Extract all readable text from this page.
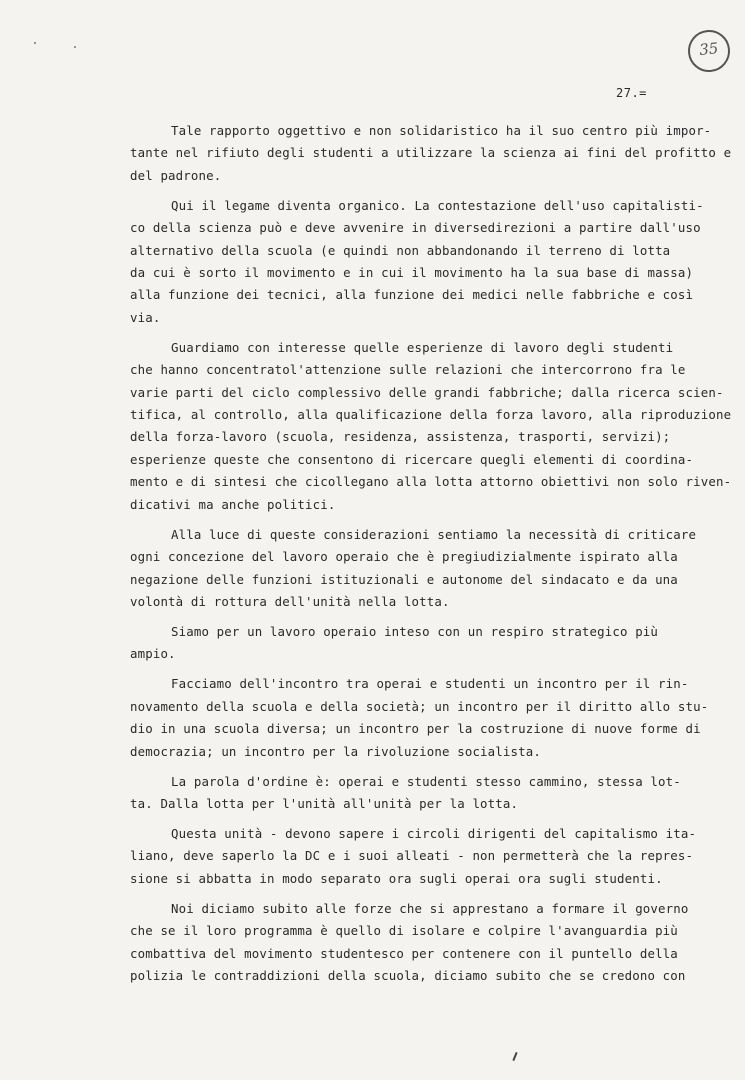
35
27.=

Tale rapporto oggettivo e non solidaristico ha il suo centro più impor-
tante nel rifiuto degli studenti a utilizzare la scienza ai fini del profitto e
del padrone.

Qui il legame diventa organico. La contestazione dell'uso capitalisti-
co della scienza può e deve avvenire in diversedirezioni a partire dall'uso
alternativo della scuola (e quindi non abbandonando il terreno di lotta
da cui è sorto il movimento e in cui il movimento ha la sua base di massa)
alla funzione dei tecnici, alla funzione dei medici nelle fabbriche e così
via.

Guardiamo con interesse quelle esperienze di lavoro degli studenti
che hanno concentratol'attenzione sulle relazioni che intercorrono fra le
varie parti del ciclo complessivo delle grandi fabbriche; dalla ricerca scien-
tifica, al controllo, alla qualificazione della forza lavoro, alla riproduzione
della forza-lavoro (scuola, residenza, assistenza, trasporti, servizi);
esperienze queste che consentono di ricercare quegli elementi di coordina-
mento e di sintesi che cicollegano alla lotta attorno obiettivi non solo riven-
dicativi ma anche politici.

Alla luce di queste considerazioni sentiamo la necessità di criticare
ogni concezione del lavoro operaio che è pregiudizialmente ispirato alla
negazione delle funzioni istituzionali e autonome del sindacato e da una
volontà di rottura dell'unità nella lotta.

Siamo per un lavoro operaio inteso con un respiro strategico più
ampio.

Facciamo dell'incontro tra operai e studenti un incontro per il rin-
novamento della scuola e della società; un incontro per il diritto allo stu-
dio in una scuola diversa; un incontro per la costruzione di nuove forme di
democrazia; un incontro per la rivoluzione socialista.

La parola d'ordine è: operai e studenti stesso cammino, stessa lot-
ta. Dalla lotta per l'unità all'unità per la lotta.

Questa unità - devono sapere i circoli dirigenti del capitalismo ita-
liano, deve saperlo la DC e i suoi alleati - non permetterà che la repres-
sione si abbatta in modo separato ora sugli operai ora sugli studenti.

Noi diciamo subito alle forze che si apprestano a formare il governo
che se il loro programma è quello di isolare e colpire l'avanguardia più
combattiva del movimento studentesco per contenere con il puntello della
polizia le contraddizioni della scuola, diciamo subito che se credono con
